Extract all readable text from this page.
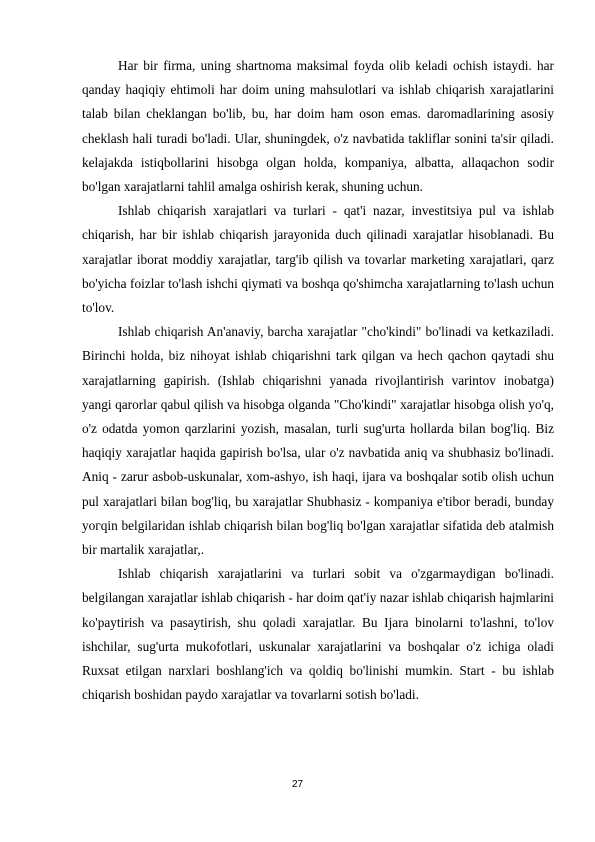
Har bir firma, uning shartnoma maksimal foyda olib keladi ochish istaydi. har qanday haqiqiy ehtimoli har doim uning mahsulotlari va ishlab chiqarish xarajatlarini talab bilan cheklangan bo'lib, bu, har doim ham oson emas. daromadlarining asosiy cheklash hali turadi bo'ladi. Ular, shuningdek, o'z navbatida takliflar sonini ta'sir qiladi. kelajakda istiqbollarini hisobga olgan holda, kompaniya, albatta, allaqachon sodir bo'lgan xarajatlarni tahlil amalga oshirish kerak, shuning uchun.

Ishlab chiqarish xarajatlari va turlari - qat'i nazar, investitsiya pul va ishlab chiqarish, har bir ishlab chiqarish jarayonida duch qilinadi xarajatlar hisoblanadi. Bu xarajatlar iborat moddiy xarajatlar, targ'ib qilish va tovarlar marketing xarajatlari, qarz bo'yicha foizlar to'lash ishchi qiymati va boshqa qo'shimcha xarajatlarning to'lash uchun to'lov.

Ishlab chiqarish An'anaviy, barcha xarajatlar "cho'kindi" bo'linadi va ketkaziladi. Birinchi holda, biz nihoyat ishlab chiqarishni tark qilgan va hech qachon qaytadi shu xarajatlarning gapirish. (Ishlab chiqarishni yanada rivojlantirish varintov inobatga) yangi qarorlar qabul qilish va hisobga olganda "Cho'kindi" xarajatlar hisobga olish yo'q, o'z odatda yomon qarzlarini yozish, masalan, turli sug'urta hollarda bilan bog'liq. Biz haqiqiy xarajatlar haqida gapirish bo'lsa, ular o'z navbatida aniq va shubhasiz bo'linadi. Aniq - zarur asbob-uskunalar, xom-ashyo, ish haqi, ijara va boshqalar sotib olish uchun pul xarajatlari bilan bog'liq, bu xarajatlar Shubhasiz - kompaniya e'tibor beradi, bunday yoгqin belgilaridan ishlab chiqarish bilan bog'liq bo'lgan xarajatlar sifatida deb atalmish bir martalik xarajatlar,.

Ishlab chiqarish xarajatlarini va turlari sobit va o'zgarmaydigan bo'linadi. belgilangan xarajatlar ishlab chiqarish - har doim qat'iy nazar ishlab chiqarish hajmlarini ko'paytirish va pasaytirish, shu qoladi xarajatlar. Bu Ijara binolarni to'lashni, to'lov ishchilar, sug'urta mukofotlari, uskunalar xarajatlarini va boshqalar o'z ichiga oladi Ruxsat etilgan narxlari boshlang'ich va qoldiq bo'linishi mumkin. Start - bu ishlab chiqarish boshidan paydo xarajatlar va tovarlarni sotish bo'ladi.

27
